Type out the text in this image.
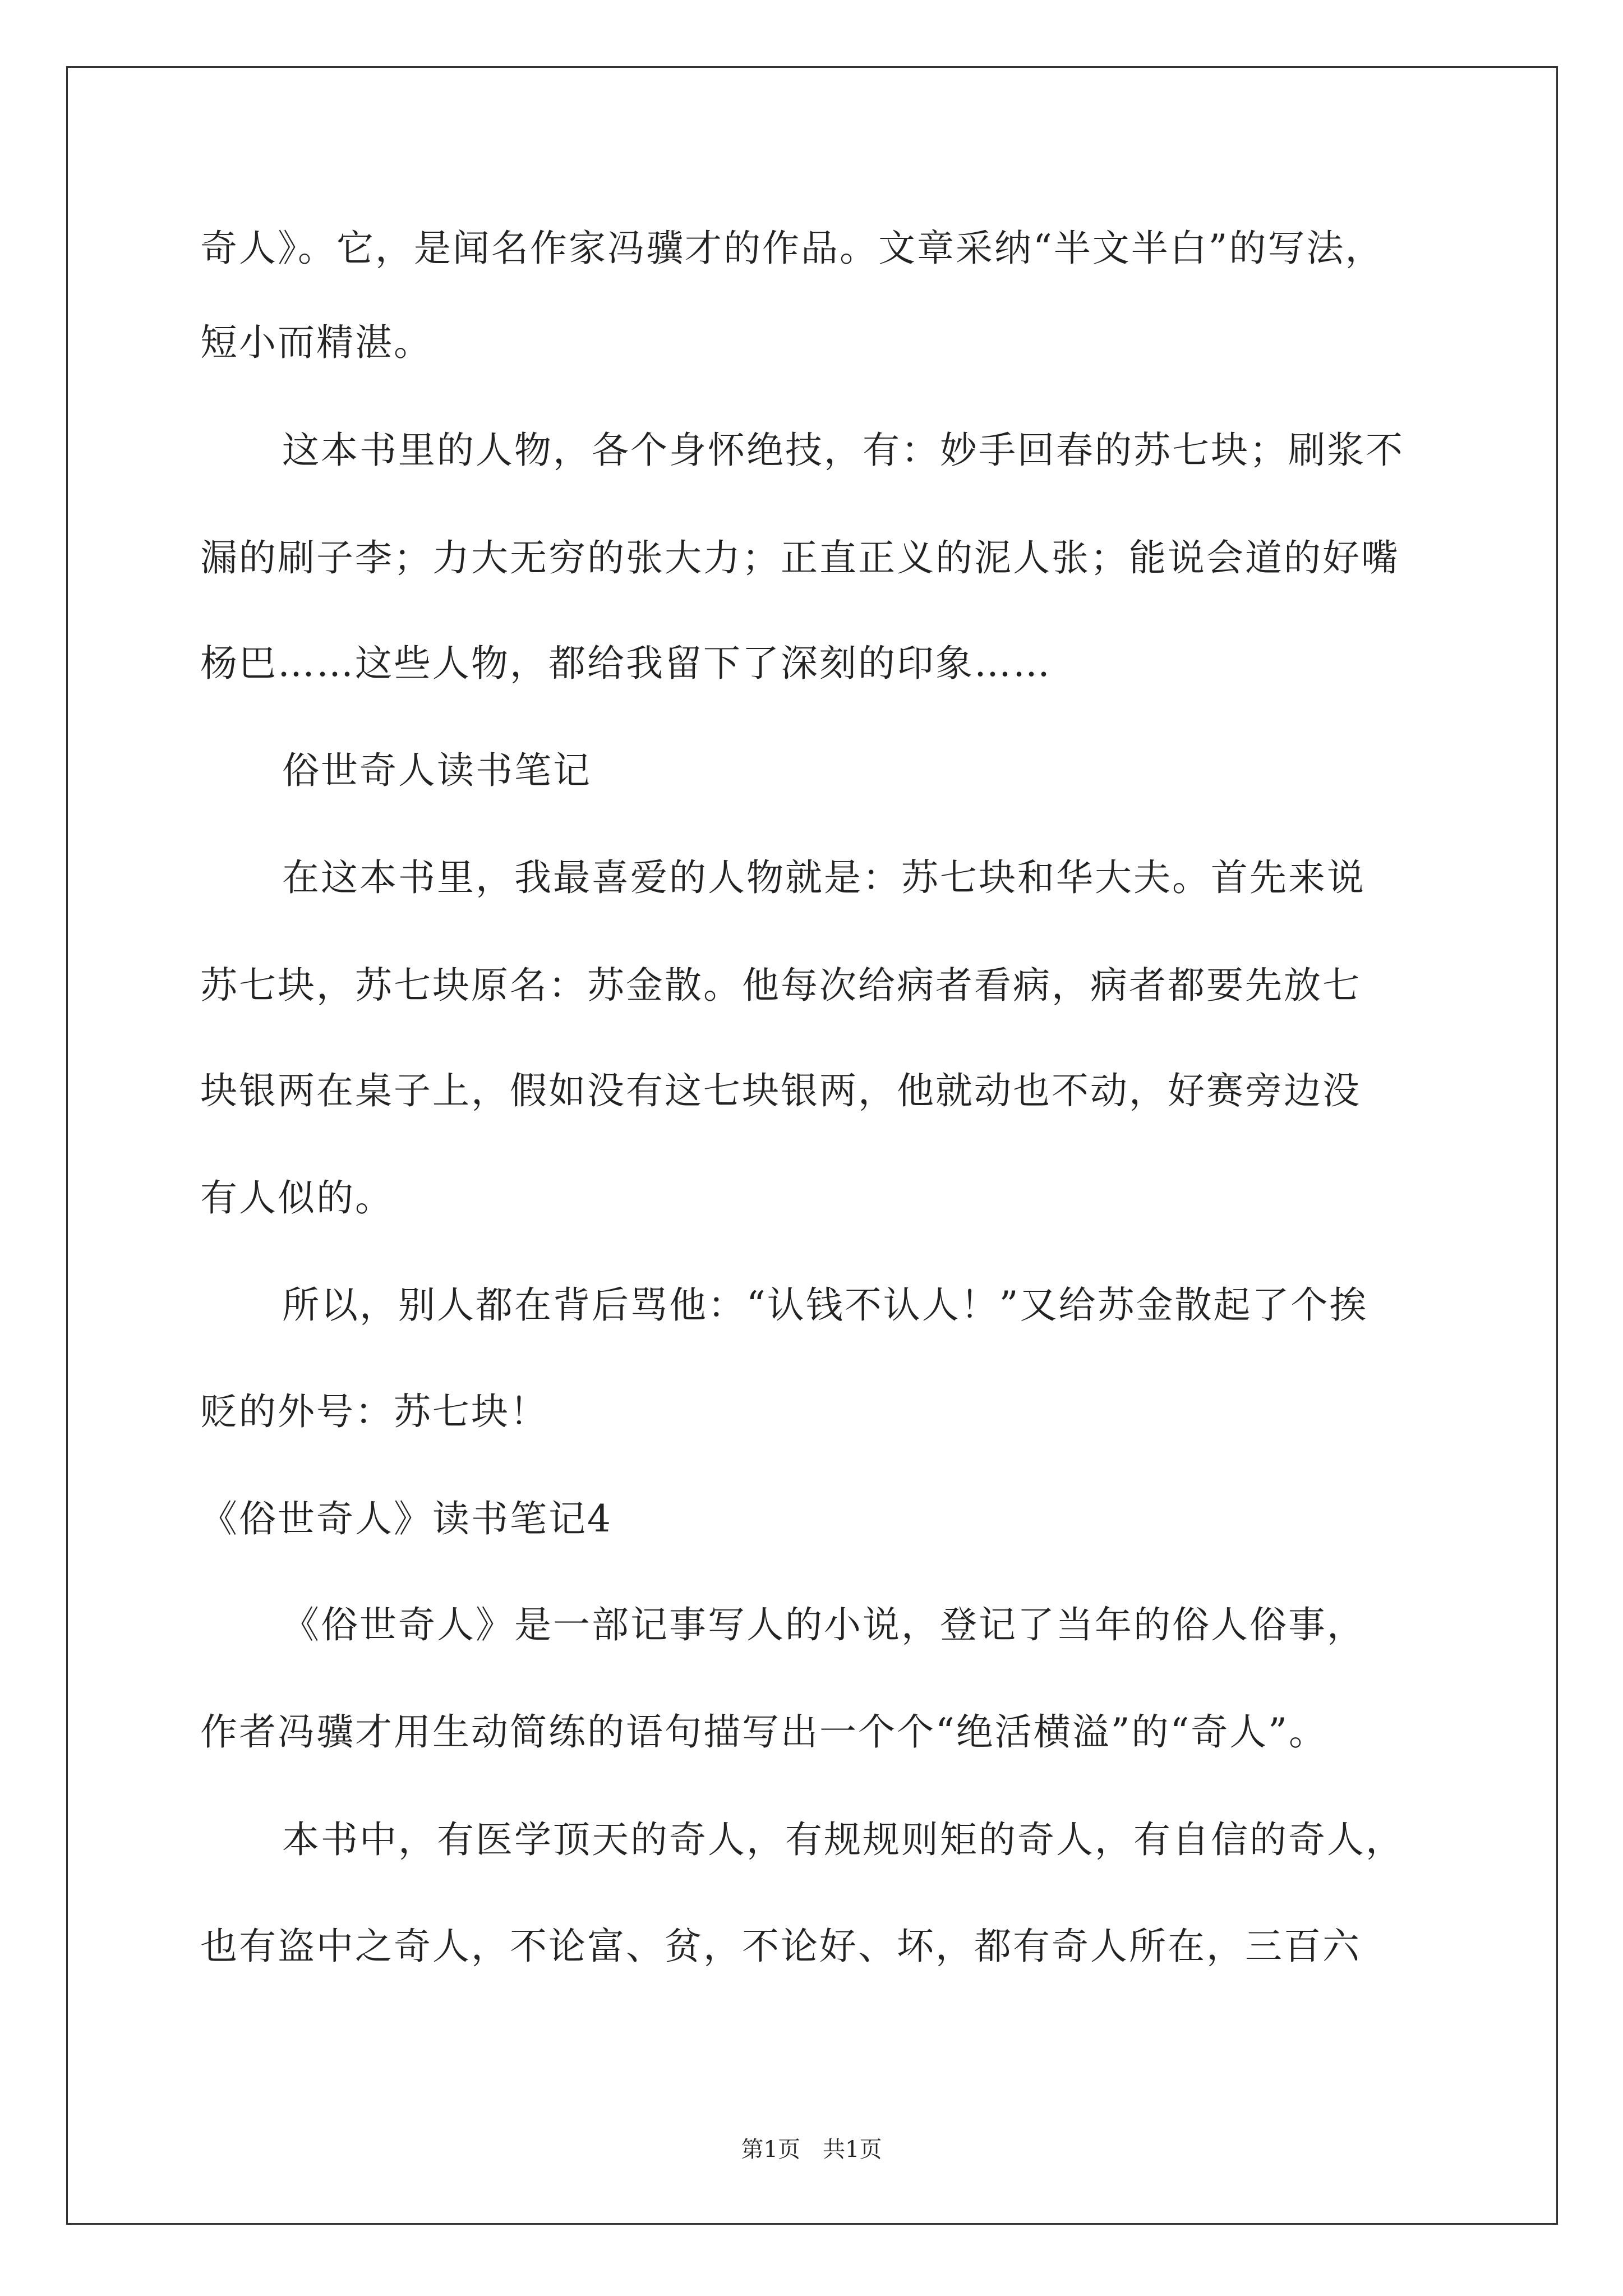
奇人》。它，是闻名作家冯骥才的作品。文章采纳“半文半白”的写法，
短小而精湛。
这本书里的人物，各个身怀绝技，有：妙手回春的苏七块；刷浆不
漏的刷子李；力大无穷的张大力；正直正义的泥人张；能说会道的好嘴
杨巴……这些人物，都给我留下了深刻的印象……
俗世奇人读书笔记
在这本书里，我最喜爱的人物就是：苏七块和华大夫。首先来说
苏七块，苏七块原名：苏金散。他每次给病者看病，病者都要先放七
块银两在桌子上，假如没有这七块银两，他就动也不动，好赛旁边没
有人似的。
所以，别人都在背后骂他：“认钱不认人！”又给苏金散起了个挨
贬的外号：苏七块！
《俗世奇人》读书笔记4
《俗世奇人》是一部记事写人的小说，登记了当年的俗人俗事，
作者冯骥才用生动简练的语句描写出一个个“绝活横溢”的“奇人”。
本书中，有医学顶天的奇人，有规规则矩的奇人，有自信的奇人，
也有盗中之奇人，不论富、贫，不论好、坏，都有奇人所在，三百六
第1页　共1页
